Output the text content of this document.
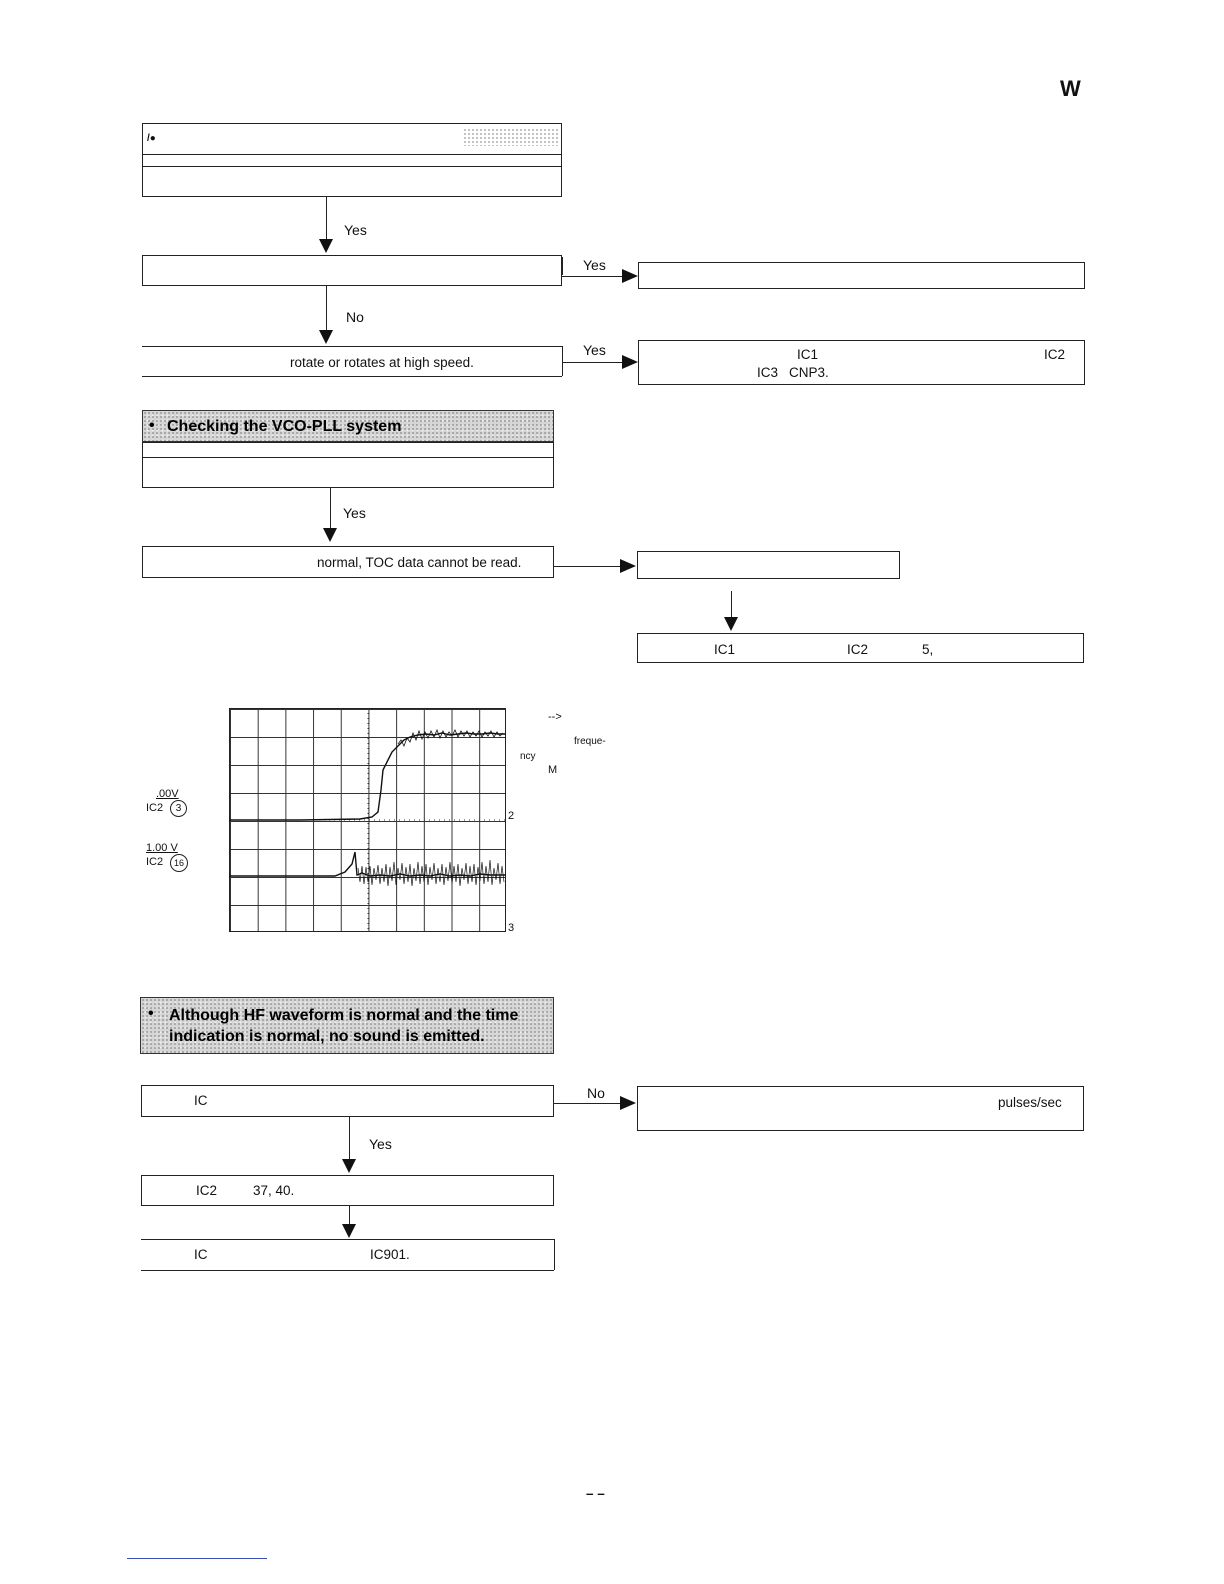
W
/●
Yes
Yes
No
rotate or rotates at high speed.
Yes	IC1	IC2
IC3 CNP3.
• Checking the VCO-PLL system
Yes
normal, TOC data cannot be read.
IC1	IC2	5,
-->
freque-
ncy
M
.00V
IC2	3
1.00 V
IC2	16
2
3
• Although HF waveform is normal and the time
indication is normal, no sound is emitted.
IC	No
pulses/sec
Yes
IC2	37, 40.
IC	IC901.
– –
